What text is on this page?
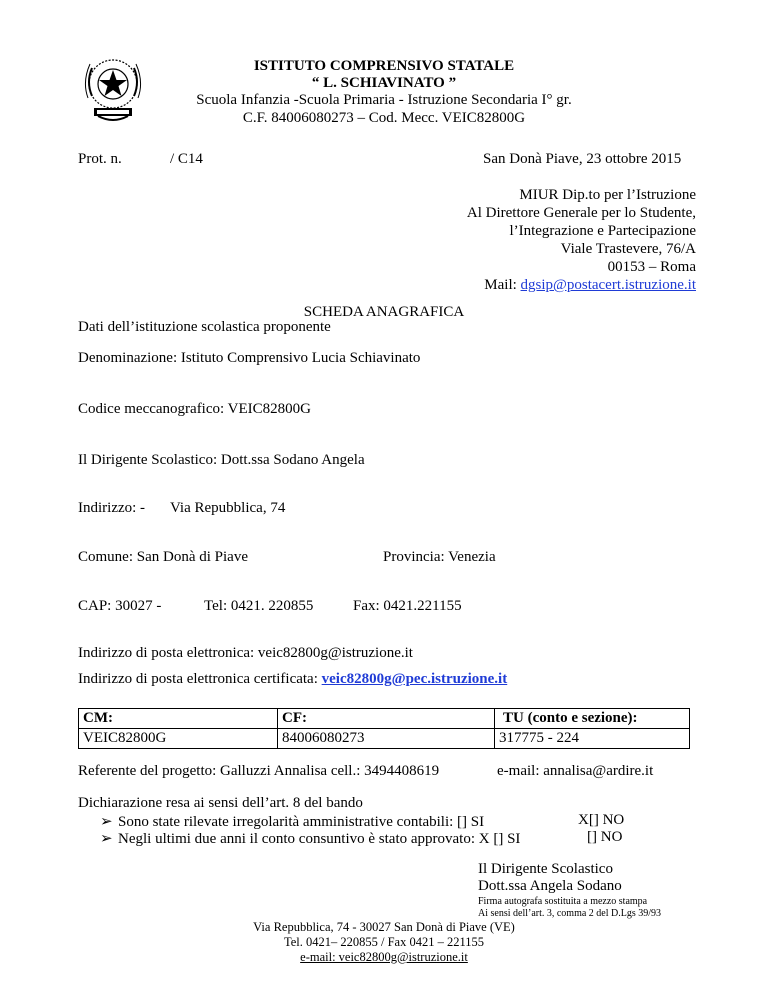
ISTITUTO COMPRENSIVO STATALE
“ L. SCHIAVINATO ”
Scuola Infanzia -Scuola Primaria - Istruzione Secondaria I° gr.
C.F. 84006080273 – Cod. Mecc. VEIC82800G
Prot. n.	/ C14	San Donà Piave, 23 ottobre 2015
MIUR Dip.to per l’Istruzione
Al Direttore Generale per lo Studente,
l’Integrazione e Partecipazione
Viale Trastevere, 76/A
00153 – Roma
Mail: dgsip@postacert.istruzione.it
SCHEDA ANAGRAFICA
Dati dell’istituzione scolastica proponente
Denominazione: Istituto Comprensivo Lucia Schiavinato
Codice meccanografico: VEIC82800G
Il Dirigente Scolastico: Dott.ssa Sodano Angela
Indirizzo: - Via Repubblica, 74
Comune: San Donà di Piave	Provincia: Venezia
CAP: 30027 -	Tel: 0421. 220855	Fax: 0421.221155
Indirizzo di posta elettronica: veic82800g@istruzione.it
Indirizzo di posta elettronica certificata: veic82800g@pec.istruzione.it
CM:	CF:	TU (conto e sezione):
VEIC82800G	84006080273	317775 - 224
Referente del progetto: Galluzzi Annalisa cell.: 3494408619	e-mail: annalisa@ardire.it
Dichiarazione resa ai sensi dell’art. 8 del bando
➢ Sono state rilevate irregolarità amministrative contabili: [] SI	X[] NO
➢ Negli ultimi due anni il conto consuntivo è stato approvato: X [] SI	[] NO
Il Dirigente Scolastico
Dott.ssa Angela Sodano
Firma autografa sostituita a mezzo stampa
Ai sensi dell’art. 3, comma 2 del D.Lgs 39/93
Via Repubblica, 74 - 30027 San Donà di Piave (VE)
Tel. 0421– 220855 / Fax 0421 – 221155
e-mail: veic82800g@istruzione.it
